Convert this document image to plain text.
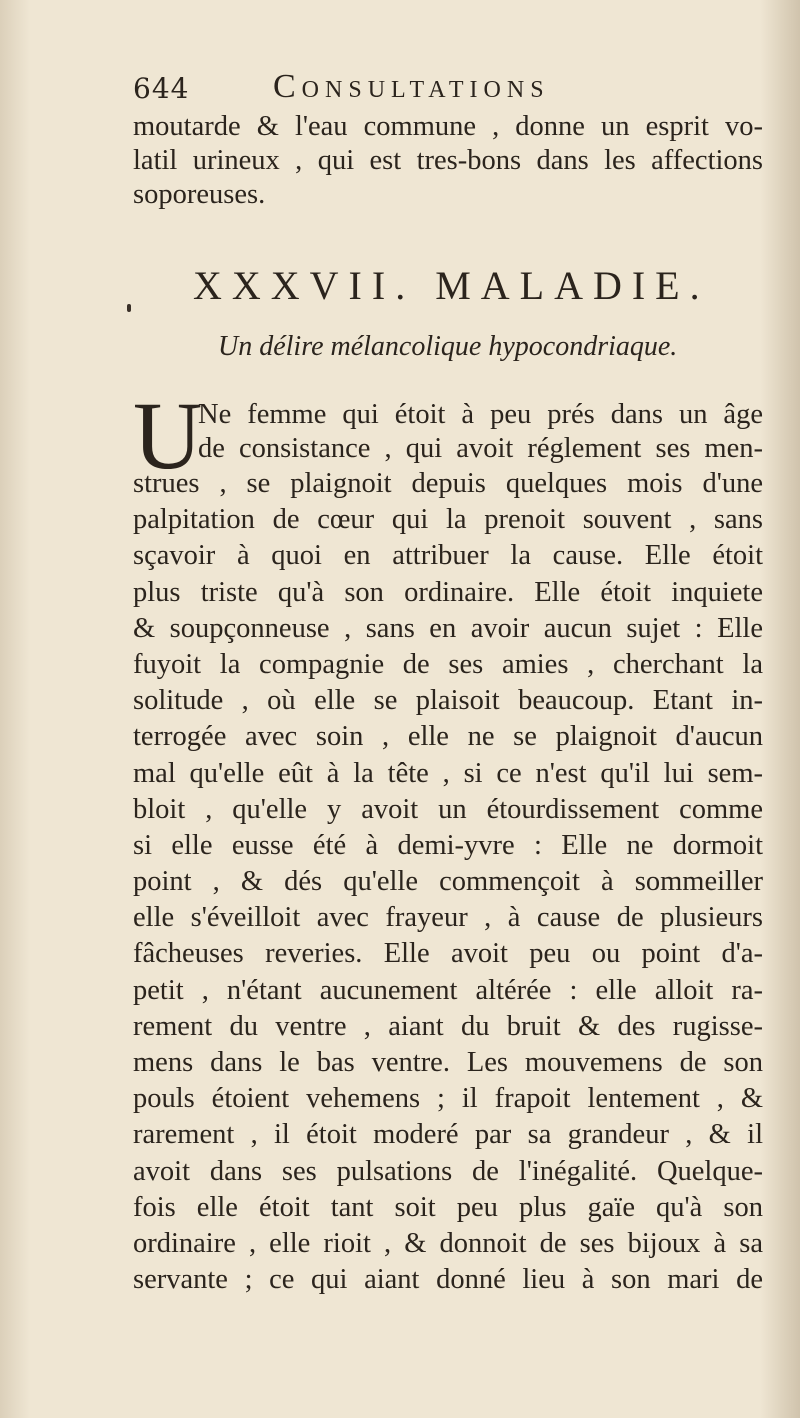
644 Consultations
moutarde & l'eau commune , donne un esprit vo-
latil urineux , qui est tres-bons dans les affections
soporeuses.
XXXVII. MALADIE.
Un délire mélancolique hypocondriaque.
U
Ne femme qui étoit à peu prés dans un âge
de consistance , qui avoit réglement ses men-
strues , se plaignoit depuis quelques mois d'une
palpitation de cœur qui la prenoit souvent , sans
sçavoir à quoi en attribuer la cause. Elle étoit
plus triste qu'à son ordinaire. Elle étoit inquiete
& soupçonneuse , sans en avoir aucun sujet : Elle
fuyoit la compagnie de ses amies , cherchant la
solitude , où elle se plaisoit beaucoup. Etant in-
terrogée avec soin , elle ne se plaignoit d'aucun
mal qu'elle eût à la tête , si ce n'est qu'il lui sem-
bloit , qu'elle y avoit un étourdissement comme
si elle eusse été à demi-yvre : Elle ne dormoit
point , & dés qu'elle commençoit à sommeiller
elle s'éveilloit avec frayeur , à cause de plusieurs
fâcheuses reveries. Elle avoit peu ou point d'a-
petit , n'étant aucunement altérée : elle alloit ra-
rement du ventre , aiant du bruit & des rugisse-
mens dans le bas ventre. Les mouvemens de son
pouls étoient vehemens ; il frapoit lentement , &
rarement , il étoit moderé par sa grandeur , & il
avoit dans ses pulsations de l'inégalité. Quelque-
fois elle étoit tant soit peu plus gaïe qu'à son
ordinaire , elle rioit , & donnoit de ses bijoux à sa
servante ; ce qui aiant donné lieu à son mari de
